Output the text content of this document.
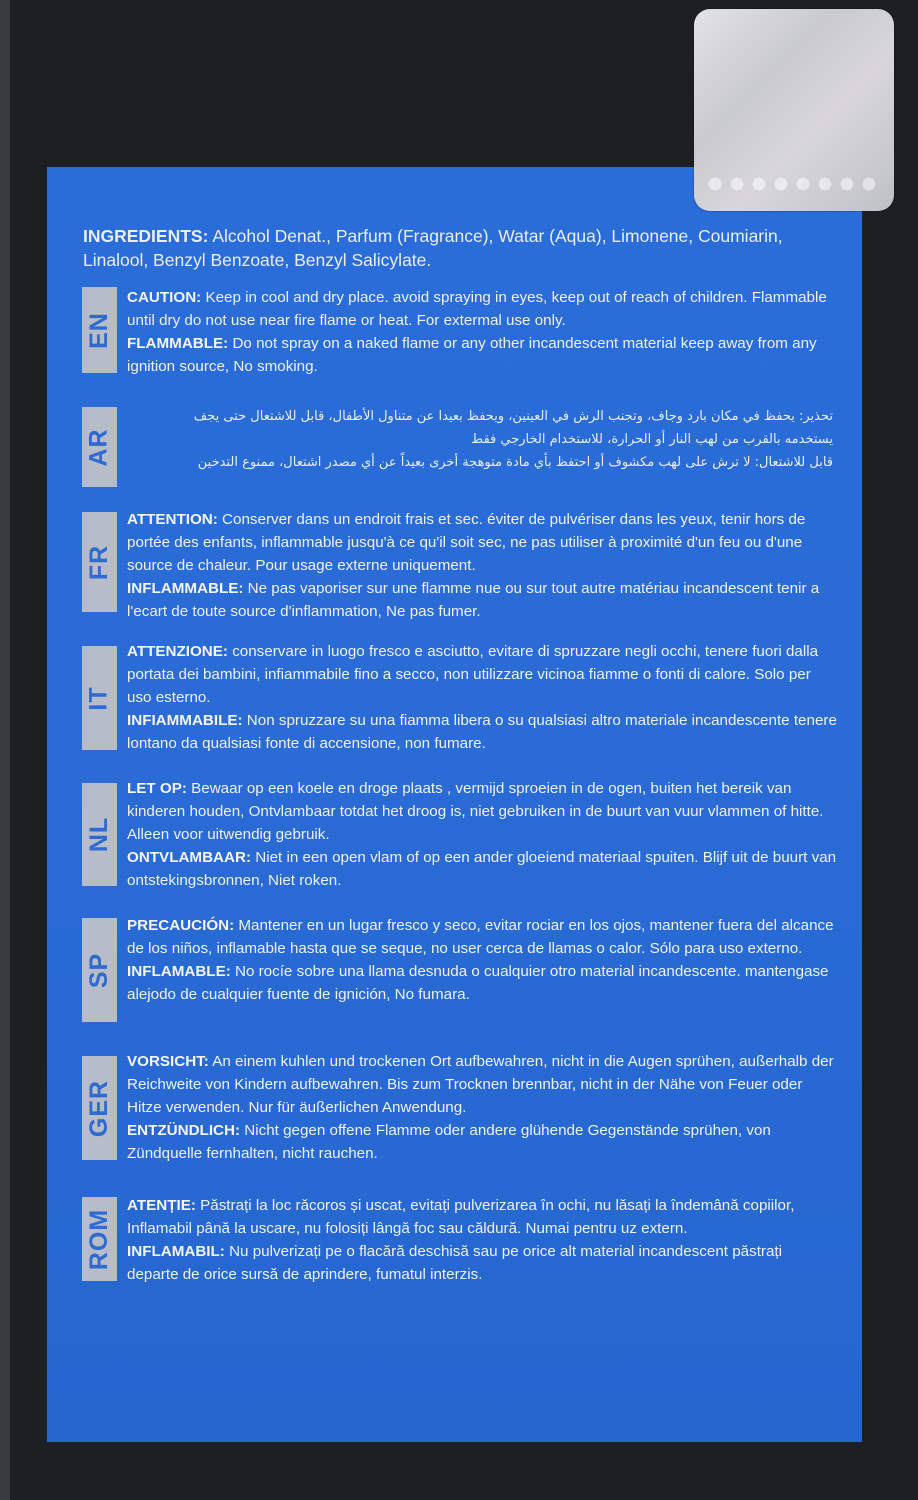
INGREDIENTS: Alcohol Denat., Parfum (Fragrance), Watar (Aqua), Limonene, Coumiarin, Linalool, Benzyl Benzoate, Benzyl Salicylate.
EN
CAUTION: Keep in cool and dry place. avoid spraying in eyes, keep out of reach of children. Flammable until dry do not use near fire flame or heat. For extermal use only.
FLAMMABLE: Do not spray on a naked flame or any other incandescent material keep away from any ignition source, No smoking.
AR
تحذير: يحفظ في مكان بارد وجاف، وتجنب الرش في العينين، ويحفظ بعيدا عن متناول الأطفال، قابل للاشتعال حتى يجف
يستخدمه بالقرب من لهب النار أو الحرارة، للاستخدام الخارجي فقط
قابل للاشتعال: لا ترش على لهب مكشوف أو احتفظ بأي مادة متوهجة أخرى بعيداً عن أي مصدر اشتعال، ممنوع التدخين
FR
ATTENTION: Conserver dans un endroit frais et sec. éviter de pulvériser dans les yeux, tenir hors de portée des enfants, inflammable jusqu'à ce qu'il soit sec, ne pas utiliser à proximité d'un feu ou d'une source de chaleur. Pour usage externe uniquement.
INFLAMMABLE: Ne pas vaporiser sur une flamme nue ou sur tout autre matériau incandescent tenir a l'ecart de toute source d'inflammation, Ne pas fumer.
IT
ATTENZIONE: conservare in luogo fresco e asciutto, evitare di spruzzare negli occhi, tenere fuori dalla portata dei bambini, infiammabile fino a secco, non utilizzare vicinoa fiamme o fonti di calore. Solo per uso esterno.
INFIAMMABILE: Non spruzzare su una fiamma libera o su qualsiasi altro materiale incandescente tenere lontano da qualsiasi fonte di accensione, non fumare.
NL
LET OP: Bewaar op een koele en droge plaats , vermijd sproeien in de ogen, buiten het bereik van kinderen houden, Ontvlambaar totdat het droog is, niet gebruiken in de buurt van vuur vlammen of hitte. Alleen voor uitwendig gebruik.
ONTVLAMBAAR: Niet in een open vlam of op een ander gloeiend materiaal spuiten. Blijf uit de buurt van ontstekingsbronnen, Niet roken.
SP
PRECAUCIÓN: Mantener en un lugar fresco y seco, evitar rociar en los ojos, mantener fuera del alcance de los niños, inflamable hasta que se seque, no user cerca de llamas o calor. Sólo para uso externo.
INFLAMABLE: No rocíe sobre una llama desnuda o cualquier otro material incandescente. mantengase alejodo de cualquier fuente de ignición, No fumara.
GER
VORSICHT: An einem kuhlen und trockenen Ort aufbewahren, nicht in die Augen sprühen, außerhalb der Reichweite von Kindern aufbewahren. Bis zum Trocknen brennbar, nicht in der Nähe von Feuer oder Hitze verwenden. Nur für äußerlichen Anwendung.
ENTZÜNDLICH: Nicht gegen offene Flamme oder andere glühende Gegenstände sprühen, von Zündquelle fernhalten, nicht rauchen.
ROM
ATENȚIE: Păstrați la loc răcoros și uscat, evitați pulverizarea în ochi, nu lăsați la îndemână copiilor, Inflamabil până la uscare, nu folosiți lângă foc sau căldură. Numai pentru uz extern.
INFLAMABIL: Nu pulverizați pe o flacără deschisă sau pe orice alt material incandescent păstrați departe de orice sursă de aprindere, fumatul interzis.
